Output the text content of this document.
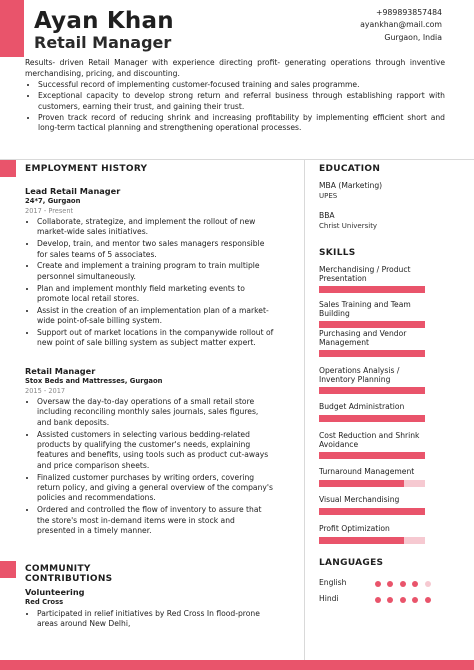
Ayan Khan
Retail Manager
+989893857484
ayankhan@mail.com
Gurgaon, India

Results- driven Retail Manager with experience directing profit- generating operations through inventive merchandising, pricing, and discounting.

• Successful record of implementing customer-focused training and sales programme.
• Exceptional capacity to develop strong return and referral business through establishing rapport with customers, earning their trust, and gaining their trust.
• Proven track record of reducing shrink and increasing profitability by implementing efficient short and long-term tactical planning and strengthening operational processes.
EMPLOYMENT HISTORY

Lead Retail Manager

24*7, Gurgaon

2017 - Present

• Collaborate, strategize, and implement the rollout of new market-wide sales initiatives.
• Develop, train, and mentor two sales managers responsible for sales teams of 5 associates.
• Create and implement a training program to train multiple personnel simultaneously.
• Plan and implement monthly field marketing events to promote local retail stores.
• Assist in the creation of an implementation plan of a market-wide point-of-sale billing system.
• Support out of market locations in the companywide rollout of new point of sale billing system as subject matter expert.

Retail Manager

Stox Beds and Mattresses, Gurgaon

2015 - 2017

• Oversaw the day-to-day operations of a small retail store including reconciling monthly sales journals, sales figures, and bank deposits.
• Assisted customers in selecting various bedding-related products by qualifying the customer's needs, explaining features and benefits, using tools such as product cut-aways and price comparison sheets.
• Finalized customer purchases by writing orders, covering return policy, and giving a general overview of the company's policies and recommendations.
• Ordered and controlled the flow of inventory to assure that the store's most in-demand items were in stock and presented in a timely manner.
COMMUNITY CONTRIBUTIONS

Volunteering

Red Cross

• Participated in relief initiatives by Red Cross In flood-prone areas around New Delhi,
EDUCATION

MBA (Marketing)

UPES

BBA

Christ University

SKILLS

Merchandising / Product Presentation

Sales Training and Team Building

Purchasing and Vendor Management

Operations Analysis / Inventory Planning

Budget Administration

Cost Reduction and Shrink Avoidance

Turnaround Management

Visual Merchandising

Profit Optimization

LANGUAGES
English
Hindi
